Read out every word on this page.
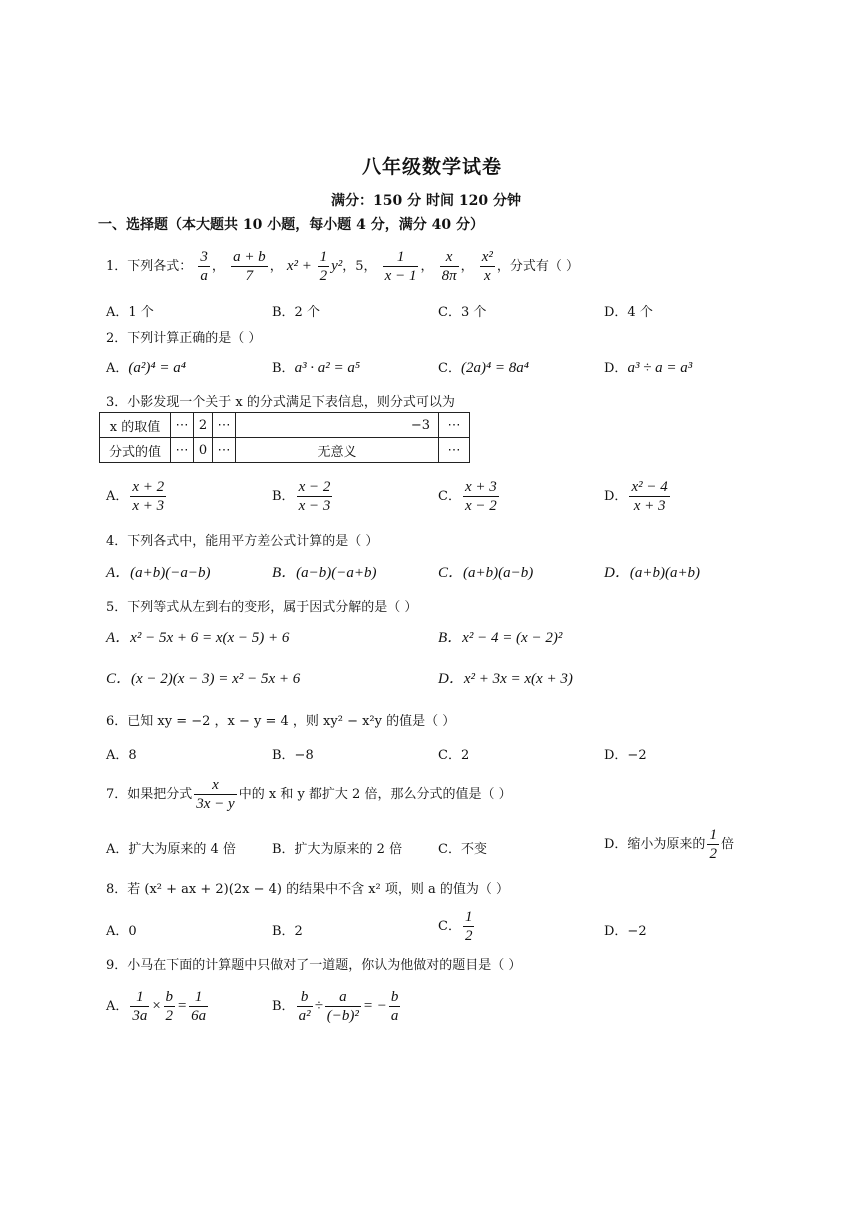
八年级数学试卷
满分：150 分 时间 120 分钟
一、选择题（本大题共 10 小题，每小题 4 分，满分 40 分）
1．下列各式： $\frac{3}{a}$ ， $\frac{a + b}{7}$ ， $x^2 + \frac{1}{2} y^2$，5， $\frac{1}{x - 1}$ ， $\frac{x}{8\pi}$ ， $\frac{\text{x²}}{x}$ ，分式有（ ）
A．1 个	B．2 个	C．3 个	D．4 个
2．下列计算正确的是（ ）
A．(a²)⁴ = a⁴	B．a³ · a² = a⁵	C．(2a)⁴ = 8a⁴	D．a³ ÷ a = a³
3．小影发现一个关于 x 的分式满足下表信息，则分式可以为
x 的取值	⋯	2	⋯	−3	⋯
分式的值	⋯	0	⋯	无意义	⋯
A． $\frac{x + 2}{x + 3}$	B． $\frac{x - 2}{x - 3}$	C． $\frac{x + 3}{x - 2}$	D． $\frac{\text{x² − 4}}{x + 3}$
4．下列各式中，能用平方差公式计算的是（ ）
A．(a+b)(−a−b)	B．(a−b)(−a+b)	C．(a+b)(a−b)	D．(a+b)(a+b)
5．下列等式从左到右的变形，属于因式分解的是（ ）
A．x² − 5x + 6 = x(x − 5) + 6	B．x² − 4 = (x − 2)²
C．(x − 2)(x − 3) = x² − 5x + 6	D．x² + 3x = x(x + 3)
6．已知 xy = −2 ，x − y = 4 ，则 xy² − x²y 的值是（ ）
A．8	B．−8	C．2	D．−2
7．如果把分式 $\frac{x}{3x - y}$ 中的 x 和 y 都扩大 2 倍，那么分式的值是（ ）
A．扩大为原来的 4 倍	B．扩大为原来的 2 倍	C．不变	D．缩小为原来的 $\frac{1}{2}$ 倍
8．若 (x² + ax + 2)(2x − 4) 的结果中不含 x² 项，则 a 的值为（ ）
A．0	B．2	C． $\frac{1}{2}$	D．−2
9．小马在下面的计算题中只做对了一道题，你认为他做对的题目是（ ）
A． $\frac{1}{3a} \times \frac{b}{2} = \frac{1}{6a}$	B． $\frac{b}{\text{a²}} \div \frac{a}{\text{(−b)²}}$ = − $\frac{b}{a}$
